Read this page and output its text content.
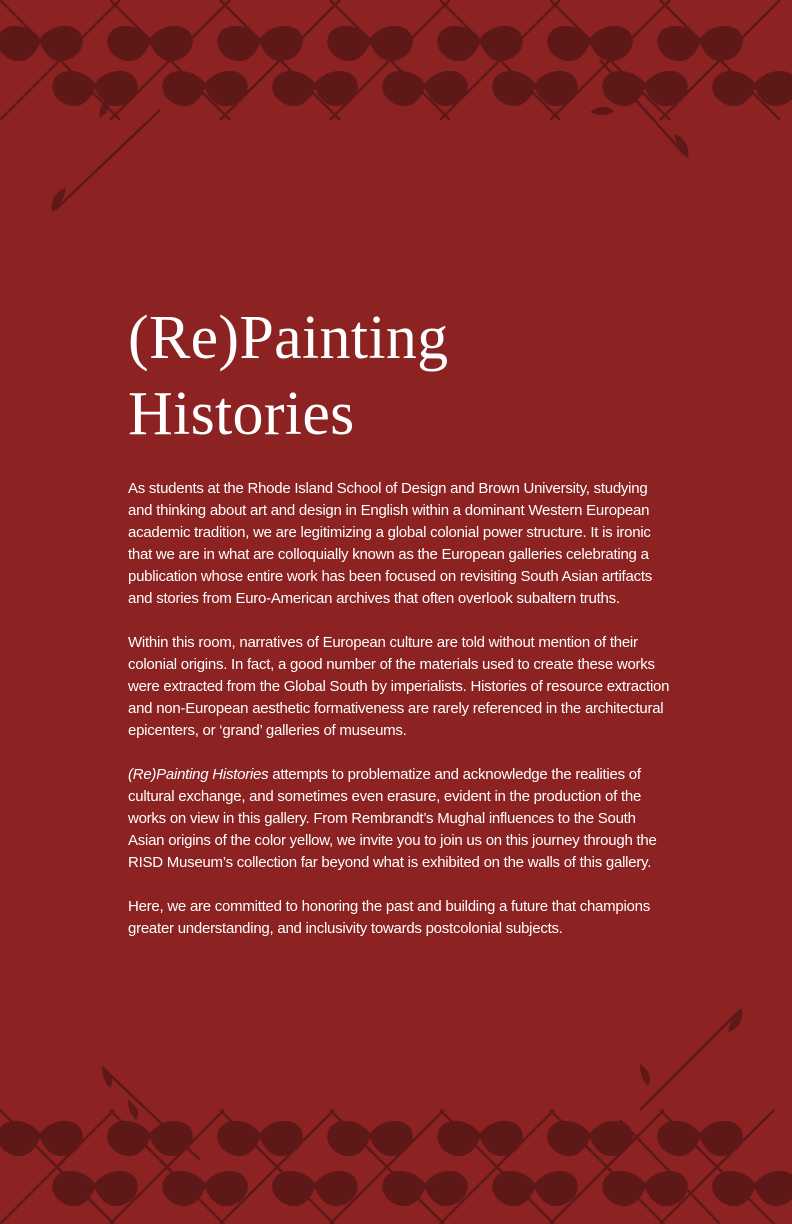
(Re)Painting Histories

As students at the Rhode Island School of Design and Brown University, studying and thinking about art and design in English within a dominant Western European academic tradition, we are legitimizing a global colonial power structure. It is ironic that we are in what are colloquially known as the European galleries celebrating a publication whose entire work has been focused on revisiting South Asian artifacts and stories from Euro-American archives that often overlook subaltern truths.

Within this room, narratives of European culture are told without mention of their colonial origins. In fact, a good number of the materials used to create these works were extracted from the Global South by imperialists. Histories of resource extraction and non-European aesthetic formativeness are rarely referenced in the architectural epicenters, or ‘grand’ galleries of museums.

(Re)Painting Histories attempts to problematize and acknowledge the realities of cultural exchange, and sometimes even erasure, evident in the production of the works on view in this gallery. From Rembrandt’s Mughal influences to the South Asian origins of the color yellow, we invite you to join us on this journey through the RISD Museum’s collection far beyond what is exhibited on the walls of this gallery.

Here, we are committed to honoring the past and building a future that champions greater understanding, and inclusivity towards postcolonial subjects.
